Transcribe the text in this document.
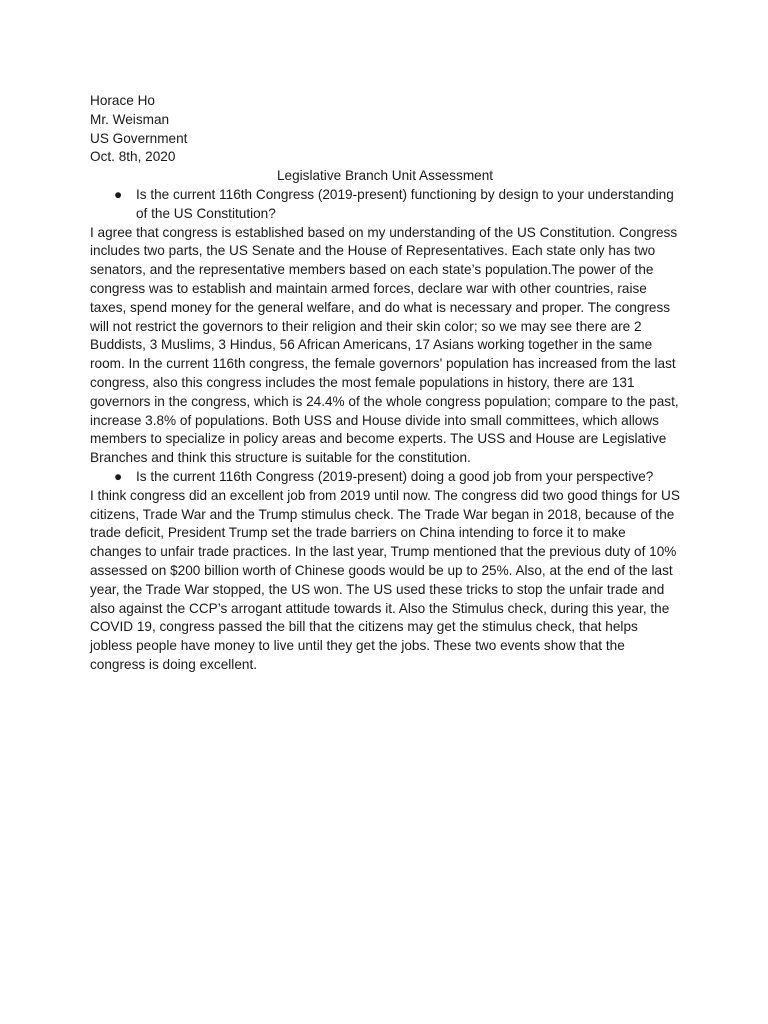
Horace Ho
Mr. Weisman
US Government
Oct. 8th, 2020
Legislative Branch Unit Assessment
● Is the current 116th Congress (2019-present) functioning by design to your understanding of the US Constitution?
I agree that congress is established based on my understanding of the US Constitution. Congress includes two parts, the US Senate and the House of Representatives. Each state only has two senators, and the representative members based on each state’s population.The power of the congress was to establish and maintain armed forces, declare war with other countries, raise taxes, spend money for the general welfare, and do what is necessary and proper. The congress will not restrict the governors to their religion and their skin color; so we may see there are 2 Buddists, 3 Muslims, 3 Hindus, 56 African Americans, 17 Asians working together in the same room. In the current 116th congress, the female governors' population has increased from the last congress, also this congress includes the most female populations in history, there are 131 governors in the congress, which is 24.4% of the whole congress population; compare to the past, increase 3.8% of populations. Both USS and House divide into small committees, which allows members to specialize in policy areas and become experts. The USS and House are Legislative Branches and think this structure is suitable for the constitution.
● Is the current 116th Congress (2019-present) doing a good job from your perspective?
I think congress did an excellent job from 2019 until now. The congress did two good things for US citizens, Trade War and the Trump stimulus check. The Trade War began in 2018, because of the trade deficit, President Trump set the trade barriers on China intending to force it to make changes to unfair trade practices. In the last year, Trump mentioned that the previous duty of 10% assessed on $200 billion worth of Chinese goods would be up to 25%. Also, at the end of the last year, the Trade War stopped, the US won. The US used these tricks to stop the unfair trade and also against the CCP’s arrogant attitude towards it. Also the Stimulus check, during this year, the COVID 19, congress passed the bill that the citizens may get the stimulus check, that helps jobless people have money to live until they get the jobs. These two events show that the congress is doing excellent.
